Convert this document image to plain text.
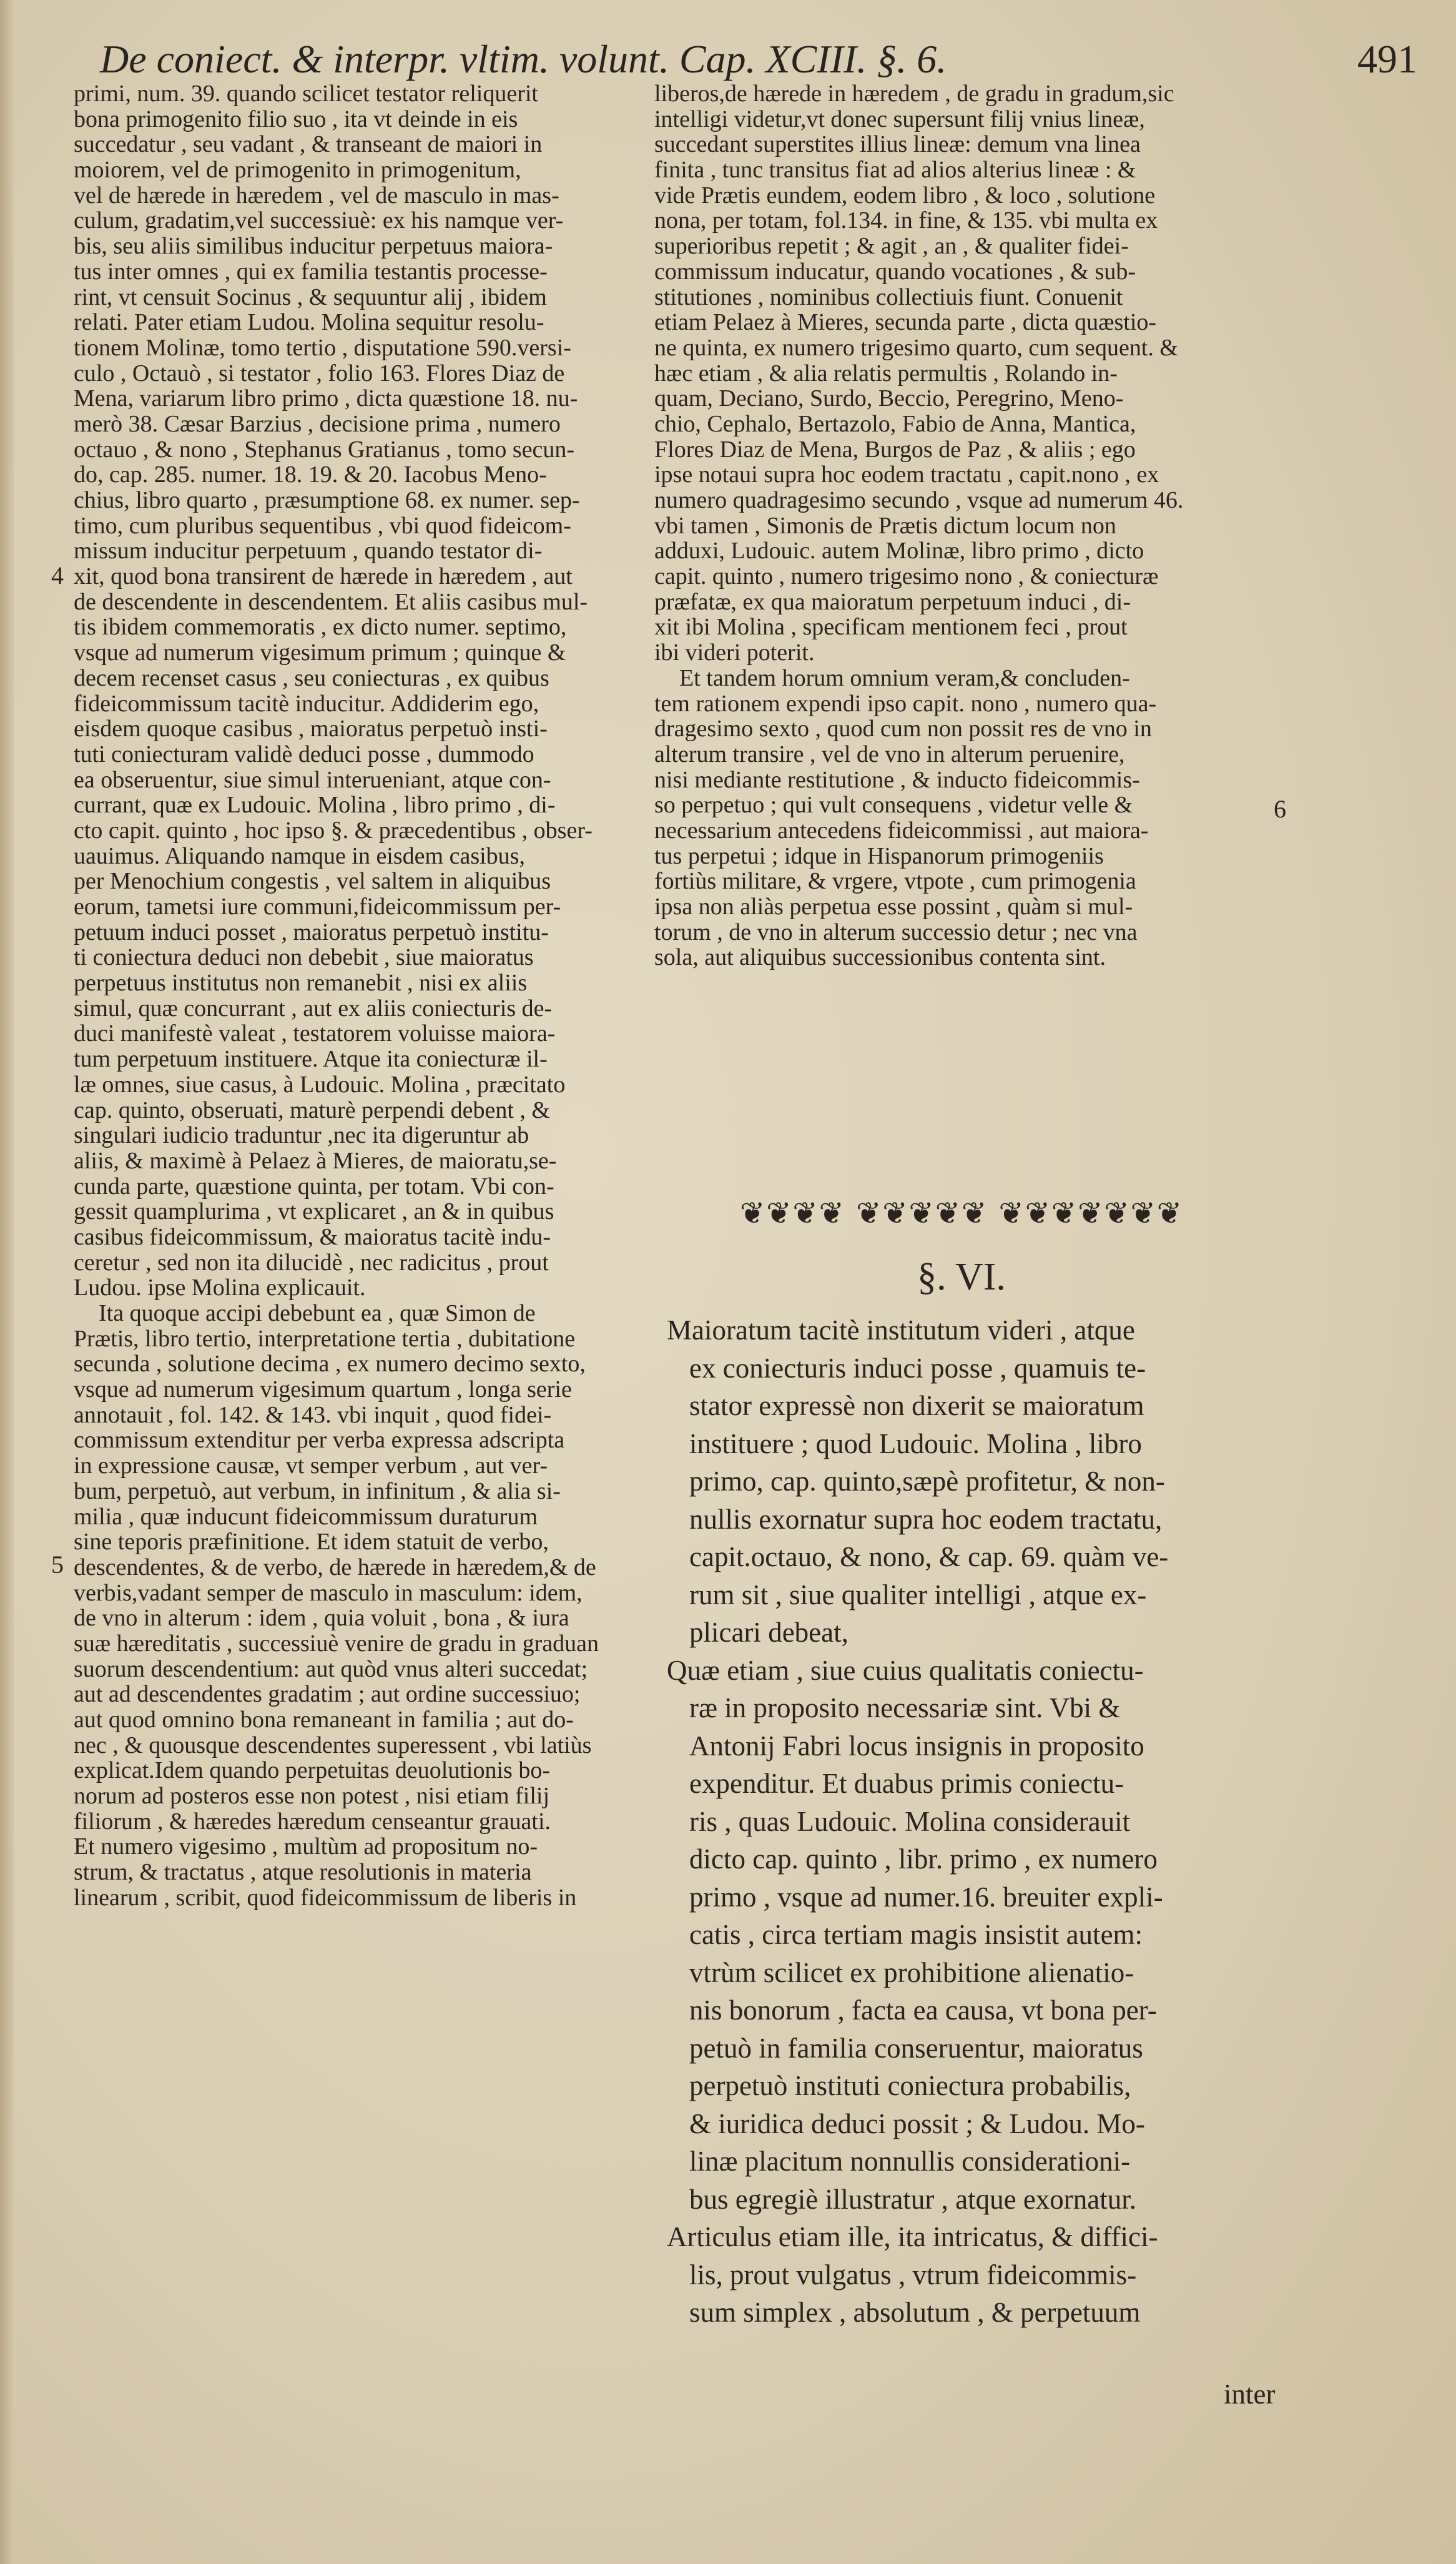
De coniect. & interpr. vltim. volunt. Cap. XCIII. §. 6.	491
4
5
6
primi, num. 39. quando scilicet testator reliquerit
bona primogenito filio suo , ita vt deinde in eis
succedatur , seu vadant , & transeant de maiori in
moiorem, vel de primogenito in primogenitum,
vel de hærede in hæredem , vel de masculo in mas-
culum, gradatim,vel successiuè: ex his namque ver-
bis, seu aliis similibus inducitur perpetuus maiora-
tus inter omnes , qui ex familia testantis processe-
rint, vt censuit Socinus , & sequuntur alij , ibidem
relati. Pater etiam Ludou. Molina sequitur resolu-
tionem Molinæ, tomo tertio , disputatione 590.versi-
culo , Octauò , si testator , folio 163. Flores Diaz de
Mena, variarum libro primo , dicta quæstione 18. nu-
merò 38. Cæsar Barzius , decisione prima , numero
octauo , & nono , Stephanus Gratianus , tomo secun-
do, cap. 285. numer. 18. 19. & 20. Iacobus Meno-
chius, libro quarto , præsumptione 68. ex numer. sep-
timo, cum pluribus sequentibus , vbi quod fideicom-
missum inducitur perpetuum , quando testator di-
xit, quod bona transirent de hærede in hæredem , aut
de descendente in descendentem. Et aliis casibus mul-
tis ibidem commemoratis , ex dicto numer. septimo,
vsque ad numerum vigesimum primum ; quinque &
decem recenset casus , seu coniecturas , ex quibus
fideicommissum tacitè inducitur. Addiderim ego,
eisdem quoque casibus , maioratus perpetuò insti-
tuti coniecturam validè deduci posse , dummodo
ea obseruentur, siue simul interueniant, atque con-
currant, quæ ex Ludouic. Molina , libro primo , di-
cto capit. quinto , hoc ipso §. & præcedentibus , obser-
uauimus. Aliquando namque in eisdem casibus,
per Menochium congestis , vel saltem in aliquibus
eorum, tametsi iure communi,fideicommissum per-
petuum induci posset , maioratus perpetuò institu-
ti coniectura deduci non debebit , siue maioratus
perpetuus institutus non remanebit , nisi ex aliis
simul, quæ concurrant , aut ex aliis coniecturis de-
duci manifestè valeat , testatorem voluisse maiora-
tum perpetuum instituere. Atque ita coniecturæ il-
læ omnes, siue casus, à Ludouic. Molina , præcitato
cap. quinto, obseruati, maturè perpendi debent , &
singulari iudicio traduntur ,nec ita digeruntur ab
aliis, & maximè à Pelaez à Mieres, de maioratu,se-
cunda parte, quæstione quinta, per totam. Vbi con-
gessit quamplurima , vt explicaret , an & in quibus
casibus fideicommissum, & maioratus tacitè indu-
ceretur , sed non ita dilucidè , nec radicitus , prout
Ludou. ipse Molina explicauit.
Ita quoque accipi debebunt ea , quæ Simon de
Prætis, libro tertio, interpretatione tertia , dubitatione
secunda , solutione decima , ex numero decimo sexto,
vsque ad numerum vigesimum quartum , longa serie
annotauit , fol. 142. & 143. vbi inquit , quod fidei-
commissum extenditur per verba expressa adscripta
in expressione causæ, vt semper verbum , aut ver-
bum, perpetuò, aut verbum, in infinitum , & alia si-
milia , quæ inducunt fideicommissum duraturum
sine teporis præfinitione. Et idem statuit de verbo,
descendentes, & de verbo, de hærede in hæredem,& de
verbis,vadant semper de masculo in masculum: idem,
de vno in alterum : idem , quia voluit , bona , & iura
suæ hæreditatis , successiuè venire de gradu in graduan
suorum descendentium: aut quòd vnus alteri succedat;
aut ad descendentes gradatim ; aut ordine successiuo;
aut quod omnino bona remaneant in familia ; aut do-
nec , & quousque descendentes superessent , vbi latiùs
explicat.Idem quando perpetuitas deuolutionis bo-
norum ad posteros esse non potest , nisi etiam filij
filiorum , & hæredes hæredum censeantur grauati.
Et numero vigesimo , multùm ad propositum no-
strum, & tractatus , atque resolutionis in materia
linearum , scribit, quod fideicommissum de liberis in
liberos,de hærede in hæredem , de gradu in gradum,sic
intelligi videtur,vt donec supersunt filij vnius lineæ,
succedant superstites illius lineæ: demum vna linea
finita , tunc transitus fiat ad alios alterius lineæ : &
vide Prætis eundem, eodem libro , & loco , solutione
nona, per totam, fol.134. in fine, & 135. vbi multa ex
superioribus repetit ; & agit , an , & qualiter fidei-
commissum inducatur, quando vocationes , & sub-
stitutiones , nominibus collectiuis fiunt. Conuenit
etiam Pelaez à Mieres, secunda parte , dicta quæstio-
ne quinta, ex numero trigesimo quarto, cum sequent. &
hæc etiam , & alia relatis permultis , Rolando in-
quam, Deciano, Surdo, Beccio, Peregrino, Meno-
chio, Cephalo, Bertazolo, Fabio de Anna, Mantica,
Flores Diaz de Mena, Burgos de Paz , & aliis ; ego
ipse notaui supra hoc eodem tractatu , capit.nono , ex
numero quadragesimo secundo , vsque ad numerum 46.
vbi tamen , Simonis de Prætis dictum locum non
adduxi, Ludouic. autem Molinæ, libro primo , dicto
capit. quinto , numero trigesimo nono , & coniecturæ
præfatæ, ex qua maioratum perpetuum induci , di-
xit ibi Molina , specificam mentionem feci , prout
ibi videri poterit.
Et tandem horum omnium veram,& concluden-
tem rationem expendi ipso capit. nono , numero qua-
dragesimo sexto , quod cum non possit res de vno in
alterum transire , vel de vno in alterum peruenire,
nisi mediante restitutione , & inducto fideicommis-
so perpetuo ; qui vult consequens , videtur velle &
necessarium antecedens fideicommissi , aut maiora-
tus perpetui ; idque in Hispanorum primogeniis
fortiùs militare, & vrgere, vtpote , cum primogenia
ipsa non aliàs perpetua esse possint , quàm si mul-
torum , de vno in alterum successio detur ; nec vna
sola, aut aliquibus successionibus contenta sint.
❦❦❦❦ ❦❦❦❦❦ ❦❦❦❦❦❦❦
§. VI.
Maioratum tacitè institutum videri , atque
ex coniecturis induci posse , quamuis te-
stator expressè non dixerit se maioratum
instituere ; quod Ludouic. Molina , libro
primo, cap. quinto,sæpè profitetur, & non-
nullis exornatur supra hoc eodem tractatu,
capit.octauo, & nono, & cap. 69. quàm ve-
rum sit , siue qualiter intelligi , atque ex-
plicari debeat,
Quæ etiam , siue cuius qualitatis coniectu-
ræ in proposito necessariæ sint. Vbi &
Antonij Fabri locus insignis in proposito
expenditur. Et duabus primis coniectu-
ris , quas Ludouic. Molina considerauit
dicto cap. quinto , libr. primo , ex numero
primo , vsque ad numer.16. breuiter expli-
catis , circa tertiam magis insistit autem:
vtrùm scilicet ex prohibitione alienatio-
nis bonorum , facta ea causa, vt bona per-
petuò in familia conseruentur, maioratus
perpetuò instituti coniectura probabilis,
& iuridica deduci possit ; & Ludou. Mo-
linæ placitum nonnullis considerationi-
bus egregiè illustratur , atque exornatur.
Articulus etiam ille, ita intricatus, & diffici-
lis, prout vulgatus , vtrum fideicommis-
sum simplex , absolutum , & perpetuum
inter
